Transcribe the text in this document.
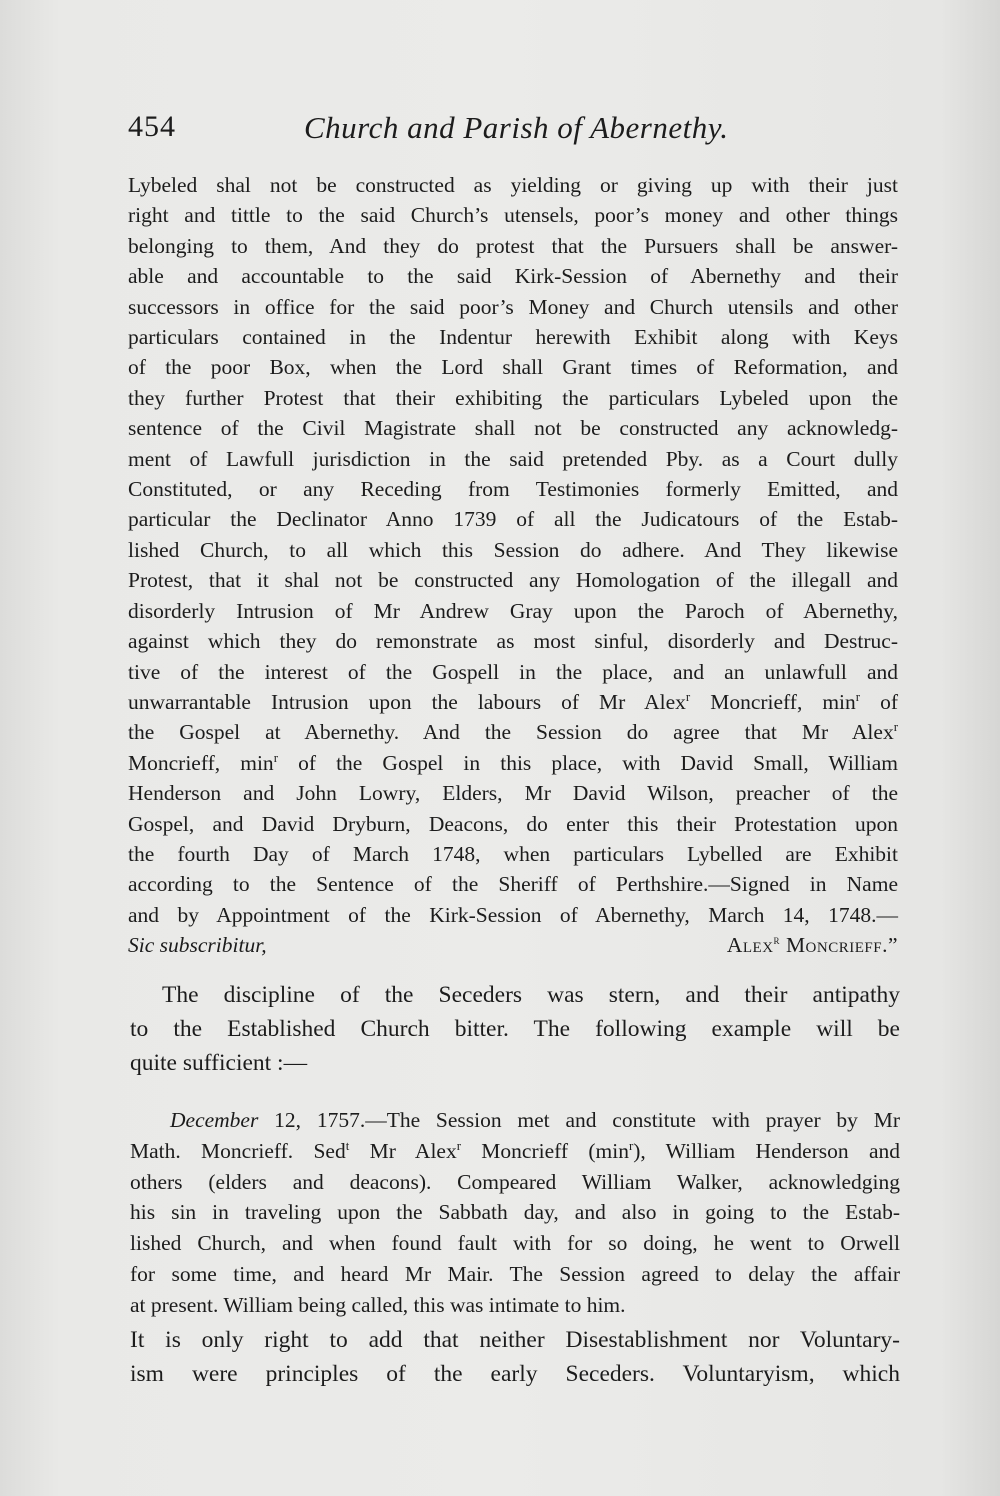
454	Church and Parish of Abernethy.
Lybeled shal not be constructed as yielding or giving up with their just
right and tittle to the said Church’s utensels, poor’s money and other things
belonging to them, And they do protest that the Pursuers shall be answer-
able and accountable to the said Kirk-Session of Abernethy and their
successors in office for the said poor’s Money and Church utensils and other
particulars contained in the Indentur herewith Exhibit along with Keys
of the poor Box, when the Lord shall Grant times of Reformation, and
they further Protest that their exhibiting the particulars Lybeled upon the
sentence of the Civil Magistrate shall not be constructed any acknowledg-
ment of Lawfull jurisdiction in the said pretended Pby. as a Court dully
Constituted, or any Receding from Testimonies formerly Emitted, and
particular the Declinator Anno 1739 of all the Judicatours of the Estab-
lished Church, to all which this Session do adhere. And They likewise
Protest, that it shal not be constructed any Homologation of the illegall and
disorderly Intrusion of Mr Andrew Gray upon the Paroch of Abernethy,
against which they do remonstrate as most sinful, disorderly and Destruc-
tive of the interest of the Gospell in the place, and an unlawfull and
unwarrantable Intrusion upon the labours of Mr Alex$^r$ Moncrieff, $\min^r$ of
the Gospel at Abernethy. And the Session do agree that Mr Alex$^r$
Moncrieff, $\min^r$ of the Gospel in this place, with David Small, William
Henderson and John Lowry, Elders, Mr David Wilson, preacher of the
Gospel, and David Dryburn, Deacons, do enter this their Protestation upon
the fourth Day of March 1748, when particulars Lybelled are Exhibit
according to the Sentence of the Sheriff of Perthshire.—Signed in Name
and by Appointment of the Kirk-Session of Abernethy, March 14, 1748.—
Sic subscribitur,	Alex$^r$ Moncrieff.”
The discipline of the Seceders was stern, and their antipathy
to the Established Church bitter. The following example will be
quite sufficient :—
December 12, 1757.—The Session met and constitute with prayer by Mr
Math. Moncrieff. Sed$^t$ Mr Alex$^r$ Moncrieff $(\min^r)$, William Henderson and
others (elders and deacons). Compeared William Walker, acknowledging
his sin in traveling upon the Sabbath day, and also in going to the Estab-
lished Church, and when found fault with for so doing, he went to Orwell
for some time, and heard Mr Mair. The Session agreed to delay the affair
at present. William being called, this was intimate to him.
It is only right to add that neither Disestablishment nor Voluntary-
ism were principles of the early Seceders. Voluntaryism, which
